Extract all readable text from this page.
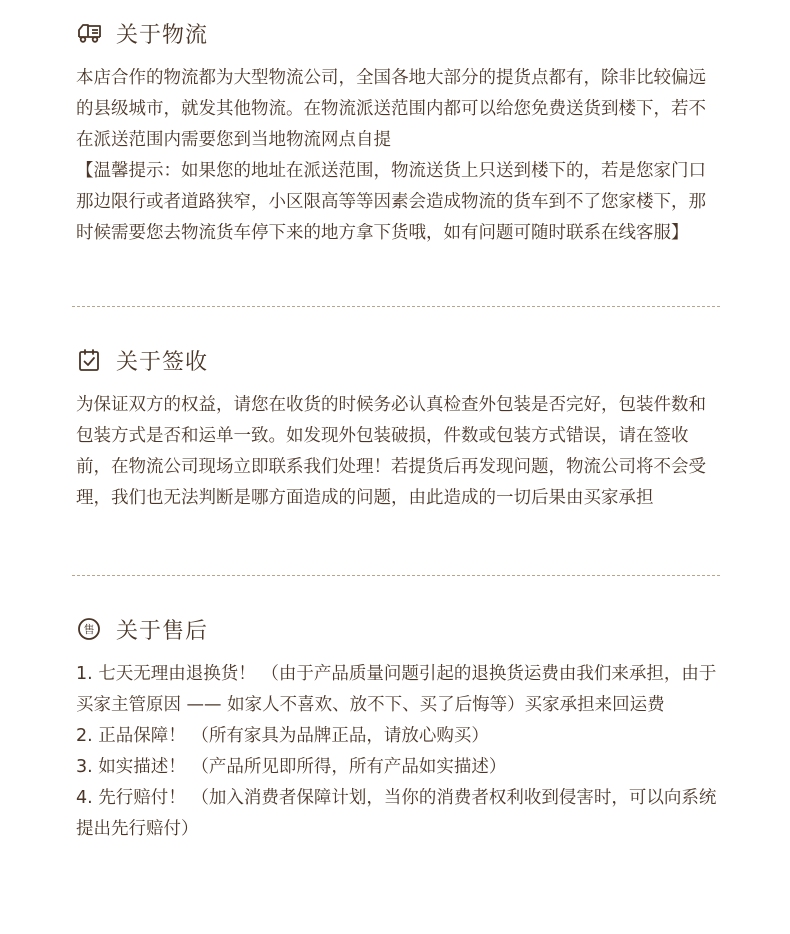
关于物流

本店合作的物流都为大型物流公司，全国各地大部分的提货点都有，除非比较偏远的县级城市，就发其他物流。在物流派送范围内都可以给您免费送货到楼下，若不在派送范围内需要您到当地物流网点自提

【温馨提示：如果您的地址在派送范围，物流送货上只送到楼下的，若是您家门口那边限行或者道路狭窄，小区限高等等因素会造成物流的货车到不了您家楼下，那时候需要您去物流货车停下来的地方拿下货哦，如有问题可随时联系在线客服】

关于签收

为保证双方的权益，请您在收货的时候务必认真检查外包装是否完好，包装件数和包装方式是否和运单一致。如发现外包装破损，件数或包装方式错误，请在签收前，在物流公司现场立即联系我们处理！若提货后再发现问题，物流公司将不会受理，我们也无法判断是哪方面造成的问题，由此造成的一切后果由买家承担

售 关于售后
1. 七天无理由退换货！ （由于产品质量问题引起的退换货运费由我们来承担，由于买家主管原因 —— 如家人不喜欢、放不下、买了后悔等）买家承担来回运费
2. 正品保障！ （所有家具为品牌正品，请放心购买）
3. 如实描述！ （产品所见即所得，所有产品如实描述）
4. 先行赔付！ （加入消费者保障计划，当你的消费者权利收到侵害时，可以向系统提出先行赔付）
